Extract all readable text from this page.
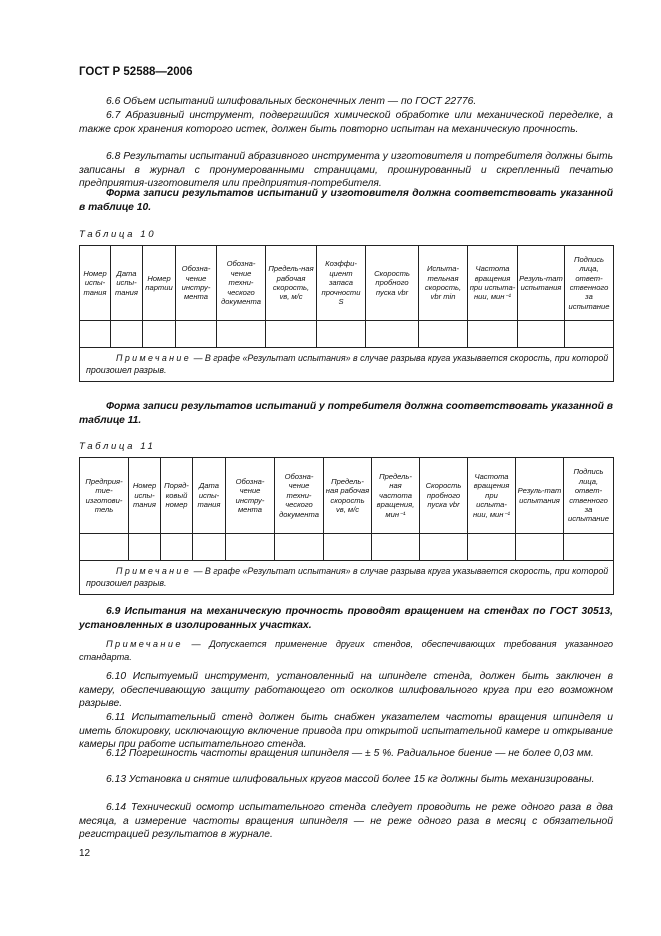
ГОСТ Р 52588—2006

6.6 Объем испытаний шлифовальных бесконечных лент — по ГОСТ 22776.

6.7 Абразивный инструмент, подвергшийся химической обработке или механической переделке, а также срок хранения которого истек, должен быть повторно испытан на механическую прочность.

6.8 Результаты испытаний абразивного инструмента у изготовителя и потребителя должны быть записаны в журнал с пронумерованными страницами, прошнурованный и скрепленный печатью предприятия-изготовителя или предприятия-потребителя.

Форма записи результатов испытаний у изготовителя должна соответствовать указанной в таблице 10.

Таблица 10
Номер испы-тания	Дата испы-тания	Номер партии	Обозна-чение инстру-мента	Обозна-чение техни-ческого документа	Предель-ная рабочая скорость, vв, м/с	Коэффи-циент запаса прочности S	Скорость пробного пуска vbr	Испыта-тельная скорость, vbr min	Частота вращения при испыта-нии, мин⁻¹	Резуль-тат испытания	Подпись лица, ответ-ственного за испытание

Примечание — В графе «Результат испытания» в случае разрыва круга указывается скорость, при которой произошел разрыв.											

Форма записи результатов испытаний у потребителя должна соответствовать указанной в таблице 11.

Таблица 11
Предприя-тие-изготови-тель	Номер испы-тания	Поряд-ковый номер	Дата испы-тания	Обозна-чение инстру-мента	Обозна-чение техни-ческого документа	Предель-ная рабочая скорость vв, м/с	Предель-ная частота вращения, мин⁻¹	Скорость пробного пуска vbr	Частота вращения при испыта-нии, мин⁻¹	Резуль-тат испытания	Подпись лица, ответ-ственного за испытание

Примечание — В графе «Результат испытания» в случае разрыва круга указывается скорость, при которой произошел разрыв.											

6.9 Испытания на механическую прочность проводят вращением на стендах по ГОСТ 30513, установленных в изолированных участках.

Примечание — Допускается применение других стендов, обеспечивающих требования указанного стандарта.

6.10 Испытуемый инструмент, установленный на шпинделе стенда, должен быть заключен в камеру, обеспечивающую защиту работающего от осколков шлифовального круга при его возможном разрыве.

6.11 Испытательный стенд должен быть снабжен указателем частоты вращения шпинделя и иметь блокировку, исключающую включение привода при открытой испытательной камере и открывание камеры при работе испытательного стенда.

6.12 Погрешность частоты вращения шпинделя — ± 5 %. Радиальное биение — не более 0,03 мм.

6.13 Установка и снятие шлифовальных кругов массой более 15 кг должны быть механизированы.

6.14 Технический осмотр испытательного стенда следует проводить не реже одного раза в два месяца, а измерение частоты вращения шпинделя — не реже одного раза в месяц с обязательной регистрацией результатов в журнале.

12
